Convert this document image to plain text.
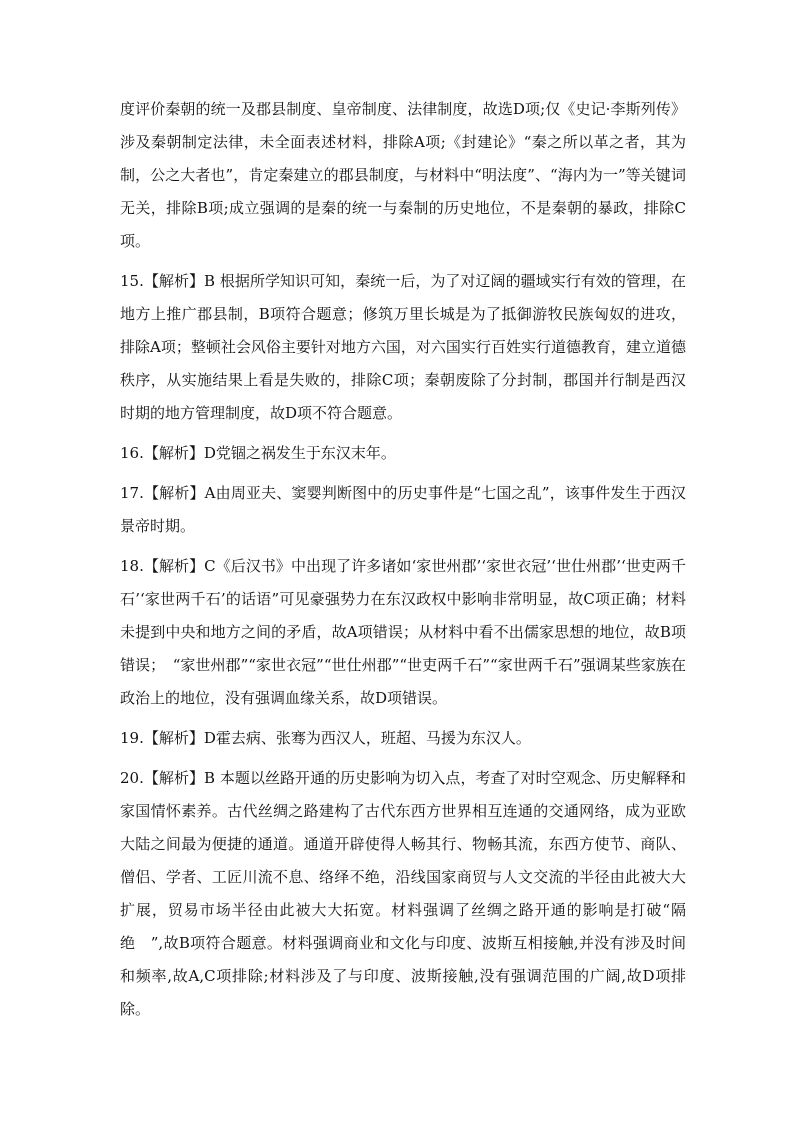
度评价秦朝的统一及郡县制度、皇帝制度、法律制度，故选D项;仅《史记·李斯列传》涉及秦朝制定法律，未全面表述材料，排除A项;《封建论》“秦之所以革之者，其为制，公之大者也”，肯定秦建立的郡县制度，与材料中“明法度”、“海内为一”等关键词无关，排除B项;成立强调的是秦的统一与秦制的历史地位，不是秦朝的暴政，排除C项。

15.【解析】B 根据所学知识可知，秦统一后，为了对辽阔的疆域实行有效的管理，在地方上推广郡县制，B项符合题意；修筑万里长城是为了抵御游牧民族匈奴的进攻，排除A项；整顿社会风俗主要针对地方六国，对六国实行百姓实行道德教育，建立道德秩序，从实施结果上看是失败的，排除C项；秦朝废除了分封制，郡国并行制是西汉时期的地方管理制度，故D项不符合题意。

16.【解析】D党锢之祸发生于东汉末年。

17.【解析】A由周亚夫、窦婴判断图中的历史事件是“七国之乱”，该事件发生于西汉景帝时期。

18.【解析】C《后汉书》中出现了许多诸如‘家世州郡’‘家世衣冠’‘世仕州郡’‘世吏两千石’‘家世两千石’的话语”可见豪强势力在东汉政权中影响非常明显，故C项正确；材料未提到中央和地方之间的矛盾，故A项错误；从材料中看不出儒家思想的地位，故B项错误；　“家世州郡”“家世衣冠”“世仕州郡”“世吏两千石”“家世两千石”强调某些家族在政治上的地位，没有强调血缘关系，故D项错误。

19.【解析】D霍去病、张骞为西汉人，班超、马援为东汉人。

20.【解析】B 本题以丝路开通的历史影响为切入点，考查了对时空观念、历史解释和家国情怀素养。古代丝绸之路建构了古代东西方世界相互连通的交通网络，成为亚欧大陆之间最为便捷的通道。通道开辟使得人畅其行、物畅其流，东西方使节、商队、僧侣、学者、工匠川流不息、络绎不绝，沿线国家商贸与人文交流的半径由此被大大扩展，贸易市场半径由此被大大拓宽。材料强调了丝绸之路开通的影响是打破“隔绝　”,故B项符合题意。材料强调商业和文化与印度、波斯互相接触,并没有涉及时间和频率,故A,C项排除;材料涉及了与印度、波斯接触,没有强调范围的广阔,故D项排除。
